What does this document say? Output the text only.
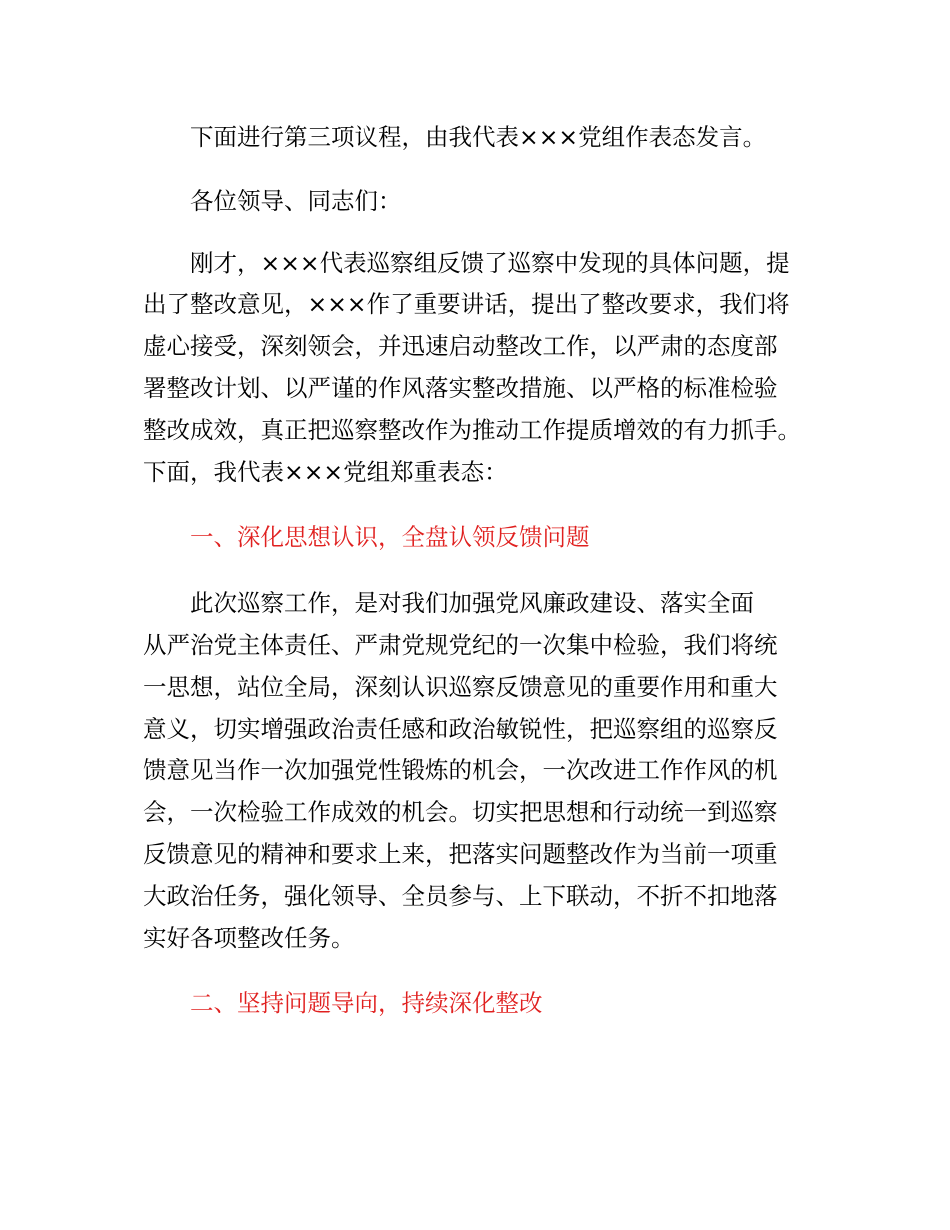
下面进行第三项议程，由我代表×××党组作表态发言。

各位领导、同志们：

刚才，×××代表巡察组反馈了巡察中发现的具体问题，提
出了整改意见，×××作了重要讲话，提出了整改要求，我们将
虚心接受，深刻领会，并迅速启动整改工作，以严肃的态度部
署整改计划、以严谨的作风落实整改措施、以严格的标准检验
整改成效，真正把巡察整改作为推动工作提质增效的有力抓手。
下面，我代表×××党组郑重表态：

一、深化思想认识，全盘认领反馈问题

此次巡察工作，是对我们加强党风廉政建设、落实全面
从严治党主体责任、严肃党规党纪的一次集中检验，我们将统
一思想，站位全局，深刻认识巡察反馈意见的重要作用和重大
意义，切实增强政治责任感和政治敏锐性，把巡察组的巡察反
馈意见当作一次加强党性锻炼的机会，一次改进工作作风的机
会，一次检验工作成效的机会。切实把思想和行动统一到巡察
反馈意见的精神和要求上来，把落实问题整改作为当前一项重
大政治任务，强化领导、全员参与、上下联动，不折不扣地落
实好各项整改任务。

二、坚持问题导向，持续深化整改
